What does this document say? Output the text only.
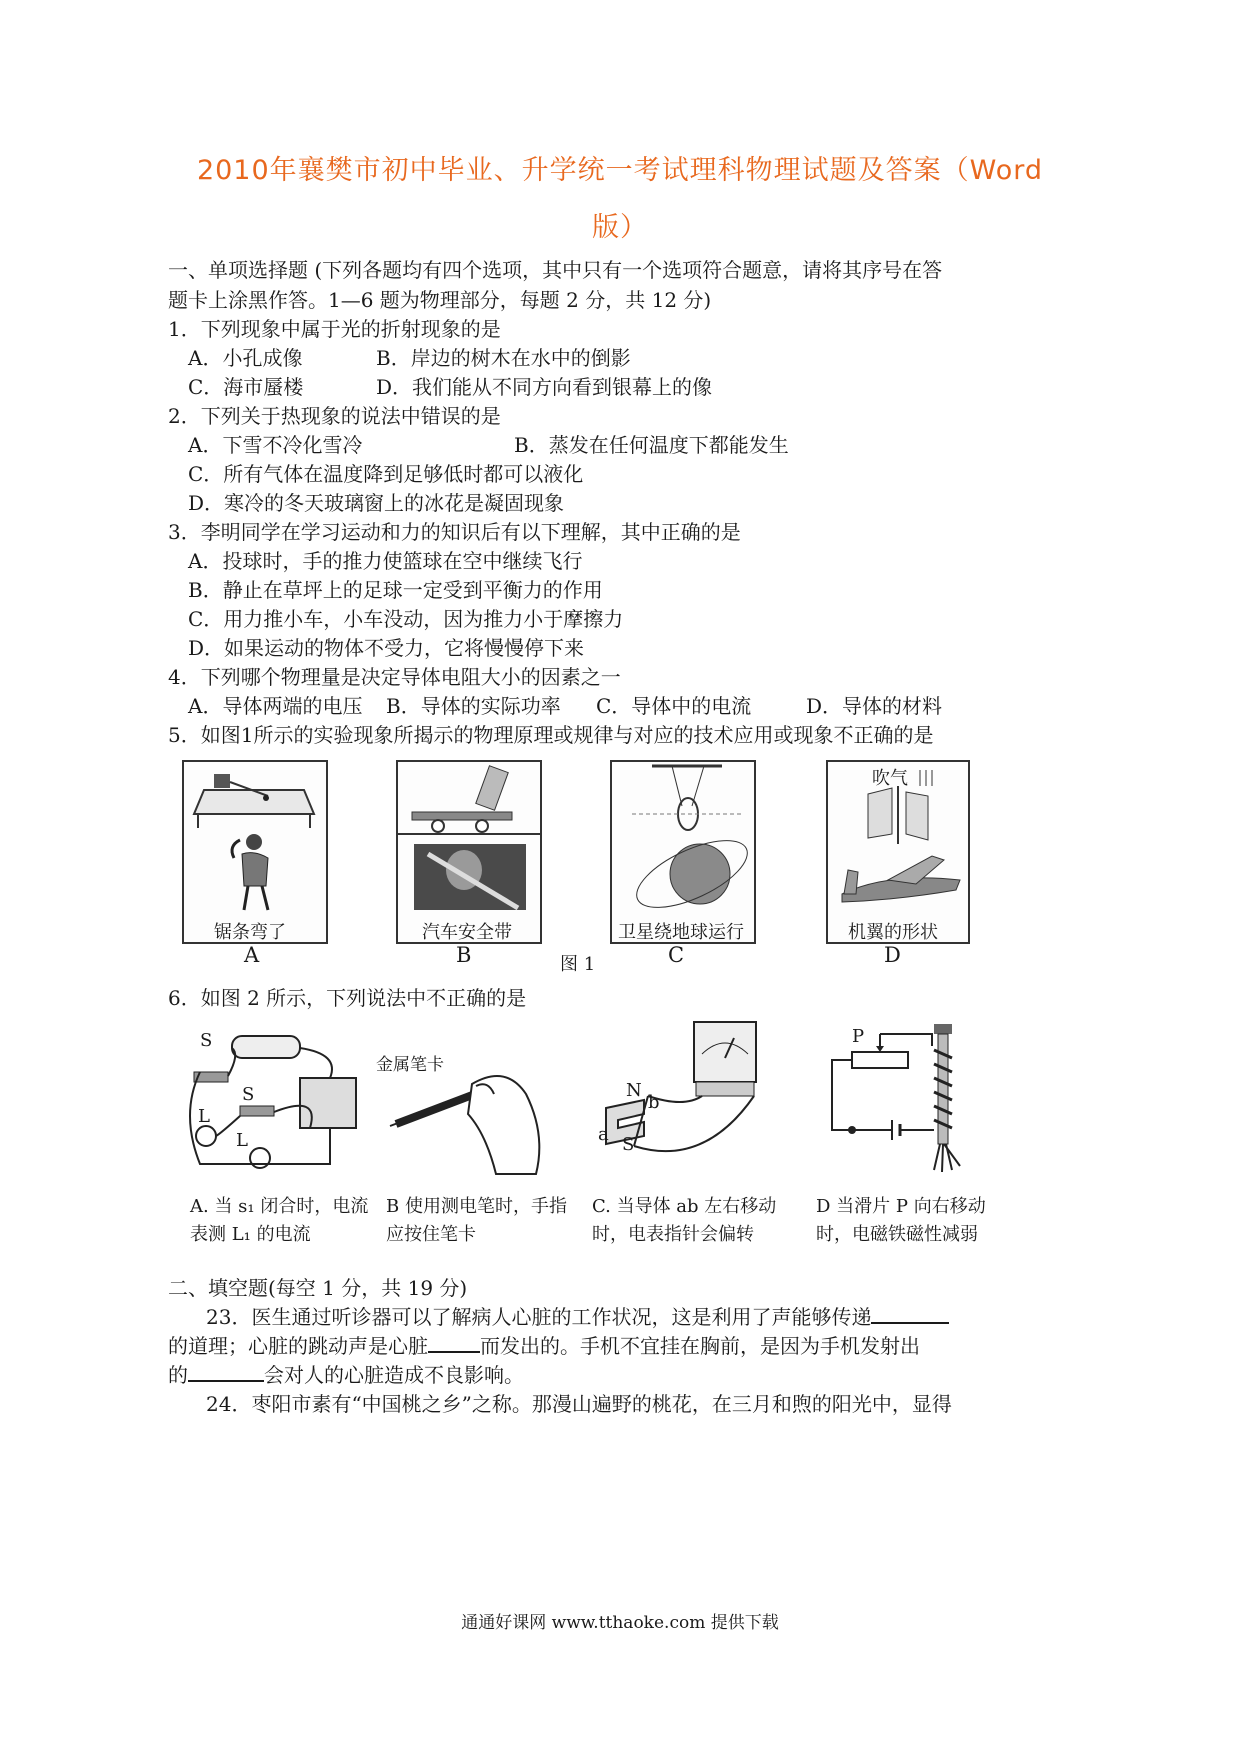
2010年襄樊市初中毕业、升学统一考试理科物理试题及答案（Word
版）
一、单项选择题 (下列各题均有四个选项，其中只有一个选项符合题意，请将其序号在答
题卡上涂黑作答。1—6 题为物理部分，每题 2 分，共 12 分)
1．下列现象中属于光的折射现象的是
A．小孔成像	B．岸边的树木在水中的倒影
C．海市蜃楼	D．我们能从不同方向看到银幕上的像
2．下列关于热现象的说法中错误的是
A．下雪不冷化雪冷	B．蒸发在任何温度下都能发生
C．所有气体在温度降到足够低时都可以液化
D．寒冷的冬天玻璃窗上的冰花是凝固现象
3．李明同学在学习运动和力的知识后有以下理解，其中正确的是
A．投球时，手的推力使篮球在空中继续飞行
B．静止在草坪上的足球一定受到平衡力的作用
C．用力推小车，小车没动，因为推力小于摩擦力
D．如果运动的物体不受力，它将慢慢停下来
4．下列哪个物理量是决定导体电阻大小的因素之一
A．导体两端的电压 B．导体的实际功率 C．导体中的电流	D．导体的材料
5．如图1所示的实验现象所揭示的物理原理或规律与对应的技术应用或现象不正确的是
锯条弯了
A
汽车安全带
B
卫星绕地球运行
C
图 1
吹气
机翼的形状
D
6．如图 2 所示，下列说法中不正确的是
S
S
L
L
金属笔卡
N
S
a
b
P
A. 当 s₁ 闭合时，电流
表测 L₁ 的电流
B 使用测电笔时，手指
应按住笔卡
C. 当导体 ab 左右移动
时，电表指针会偏转
D 当滑片 P 向右移动
时，电磁铁磁性减弱
二、填空题(每空 1 分，共 19 分)
23．医生通过听诊器可以了解病人心脏的工作状况，这是利用了声能够传递
的道理；心脏的跳动声是心脏	而发出的。手机不宜挂在胸前，是因为手机发射出
的	会对人的心脏造成不良影响。
24．枣阳市素有“中国桃之乡”之称。那漫山遍野的桃花，在三月和煦的阳光中，显得
通通好课网 www.tthaoke.com 提供下载
